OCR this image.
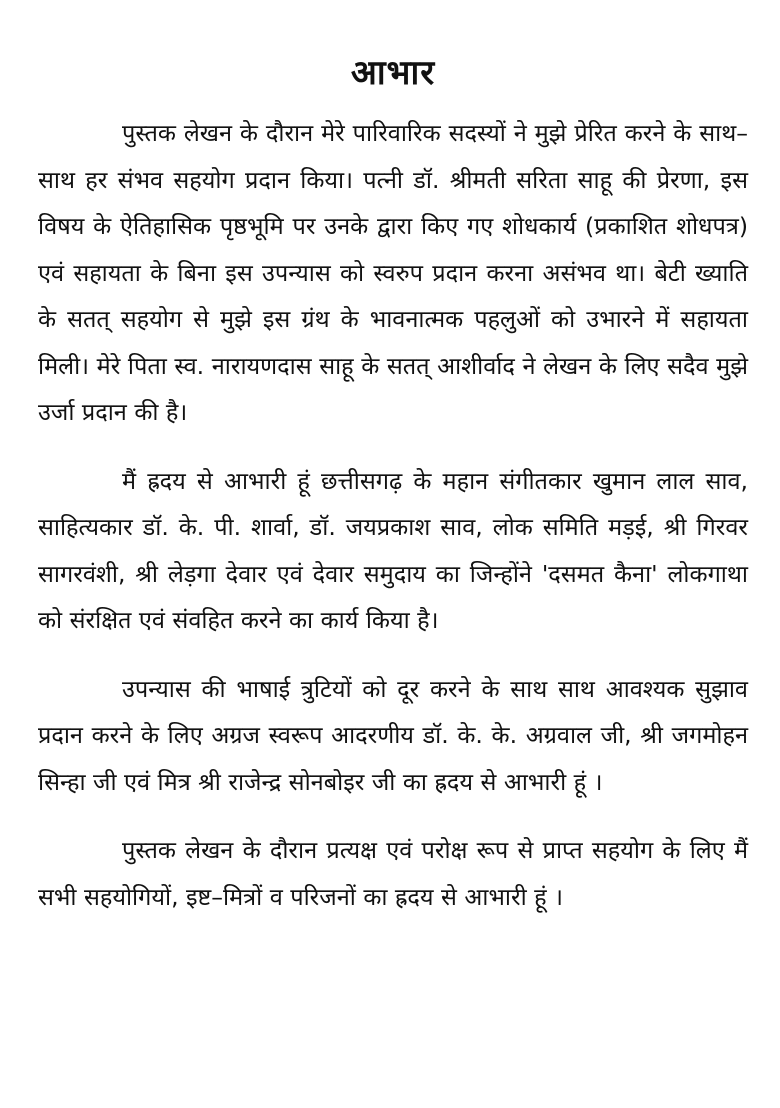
आभार

पुस्तक लेखन के दौरान मेरे पारिवारिक सदस्यों ने मुझे प्रेरित करने के साथ–साथ हर संभव सहयोग प्रदान किया। पत्नी डॉ. श्रीमती सरिता साहू की प्रेरणा, इस विषय के ऐतिहासिक पृष्ठभूमि पर उनके द्वारा किए गए शोधकार्य (प्रकाशित शोधपत्र) एवं सहायता के बिना इस उपन्यास को स्वरुप प्रदान करना असंभव था। बेटी ख्याति के सतत् सहयोग से मुझे इस ग्रंथ के भावनात्मक पहलुओं को उभारने में सहायता मिली। मेरे पिता स्व. नारायणदास साहू के सतत् आशीर्वाद ने लेखन के लिए सदैव मुझे उर्जा प्रदान की है।

मैं ह्रदय से आभारी हूं छत्तीसगढ़ के महान संगीतकार खुमान लाल साव, साहित्यकार डॉ. के. पी. शार्वा, डॉ. जयप्रकाश साव, लोक समिति मड़ई, श्री गिरवर सागरवंशी, श्री लेड़गा देवार एवं देवार समुदाय का जिन्होंने 'दसमत कैना' लोकगाथा को संरक्षित एवं संवहित करने का कार्य किया है।

उपन्यास की भाषाई त्रुटियों को दूर करने के साथ साथ आवश्यक सुझाव प्रदान करने के लिए अग्रज स्वरूप आदरणीय डॉ. के. के. अग्रवाल जी, श्री जगमोहन सिन्हा जी एवं मित्र श्री राजेन्द्र सोनबोइर जी का ह्रदय से आभारी हूं ।

पुस्तक लेखन के दौरान प्रत्यक्ष एवं परोक्ष रूप से प्राप्त सहयोग के लिए मैं सभी सहयोगियों, इष्ट–मित्रों व परिजनों का ह्रदय से आभारी हूं ।
